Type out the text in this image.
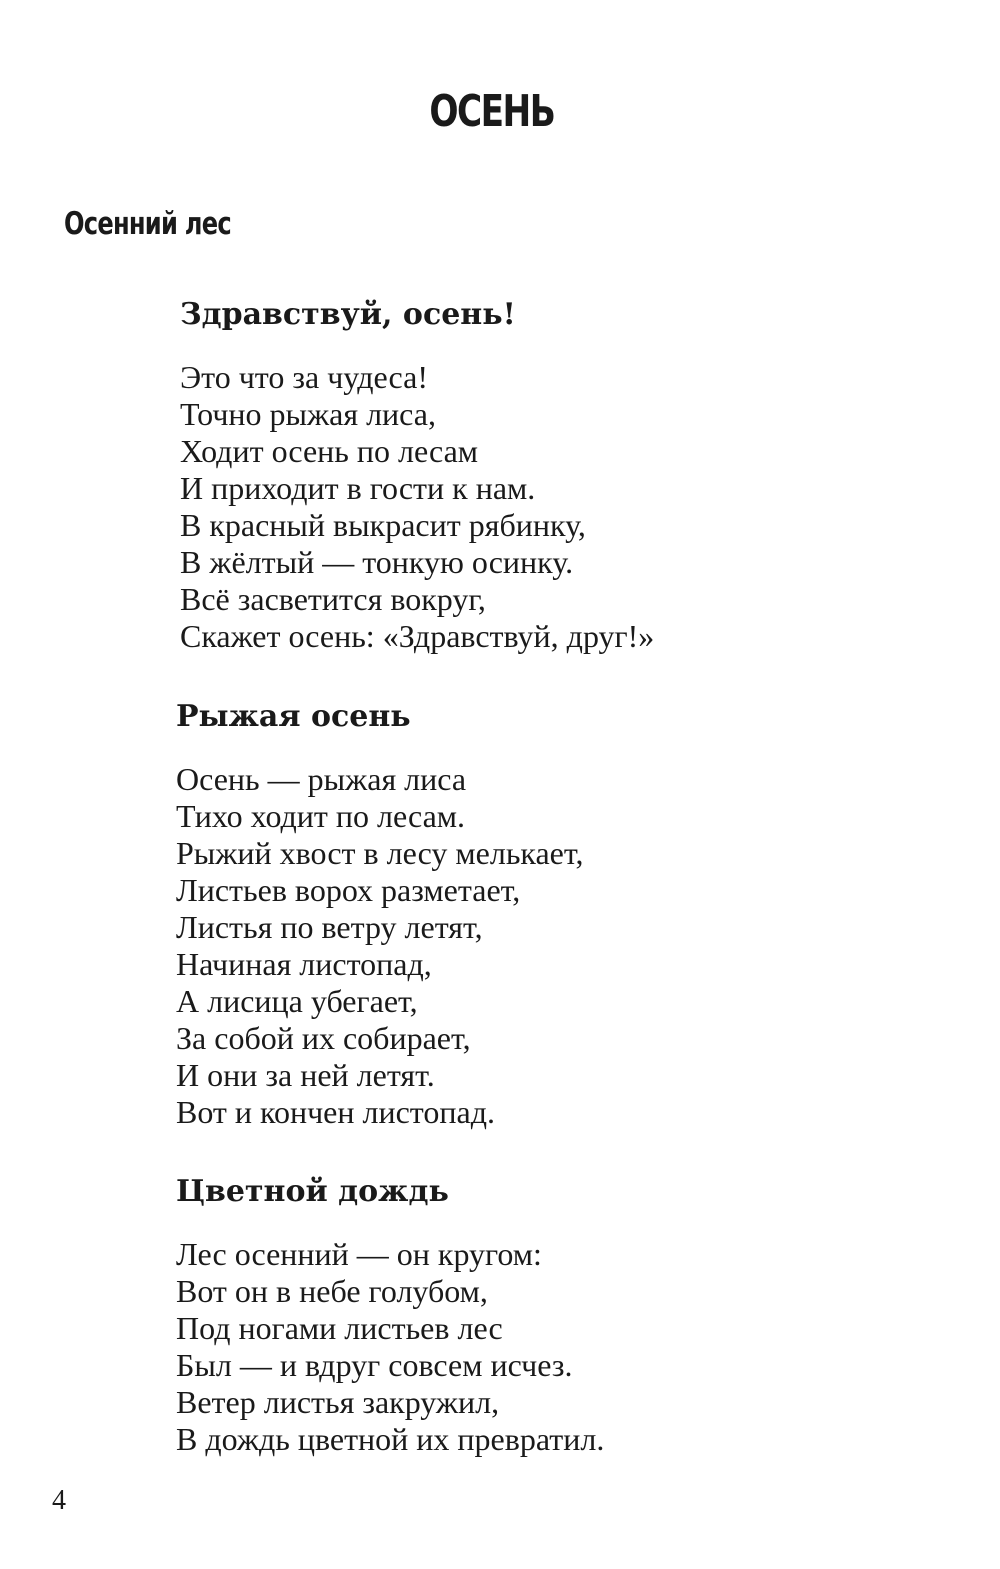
ОСЕНЬ
Осенний лес
Здравствуй, осень!
Это что за чудеса!
Точно рыжая лиса,
Ходит осень по лесам
И приходит в гости к нам.
В красный выкрасит рябинку,
В жёлтый — тонкую осинку.
Всё засветится вокруг,
Скажет осень: «Здравствуй, друг!»
Рыжая осень
Осень — рыжая лиса
Тихо ходит по лесам.
Рыжий хвост в лесу мелькает,
Листьев ворох разметает,
Листья по ветру летят,
Начиная листопад,
А лисица убегает,
За собой их собирает,
И они за ней летят.
Вот и кончен листопад.
Цветной дождь
Лес осенний — он кругом:
Вот он в небе голубом,
Под ногами листьев лес
Был — и вдруг совсем исчез.
Ветер листья закружил,
В дождь цветной их превратил.
4
